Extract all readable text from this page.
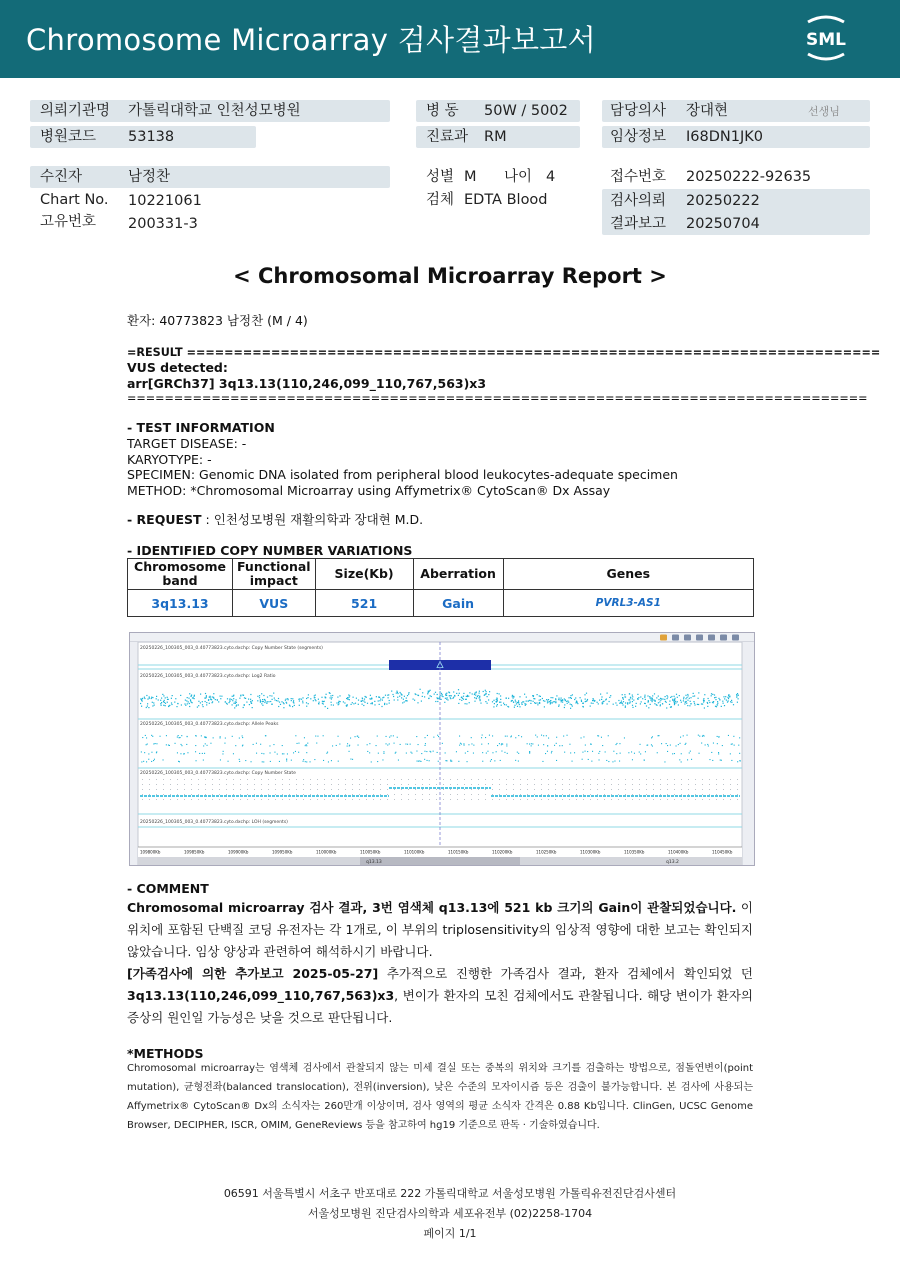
Chromosome Microarray 검사결과보고서	SML
의뢰기관명 가톨릭대학교 인천성모병원
병원코드 53138
병 동 50W / 5002
진료과 RM
담당의사 장대현	선생님
임상정보 I68DN1JK0
수진자	남정찬
Chart No. 10221061
고유번호 200331-3
성별 M 나이 4
검체 EDTA Blood
접수번호 20250222-92635
검사의뢰 20250222
결과보고 20250704
< Chromosomal Microarray Report >
환자: 40773823 남정찬 (M / 4)
=RESULT ==========================================================================
VUS detected:
arr[GRCh37] 3q13.13(110,246,099_110,767,563)x3
===============================================================================
- TEST INFORMATION
TARGET DISEASE: -
KARYOTYPE: -
SPECIMEN: Genomic DNA isolated from peripheral blood leukocytes-adequate specimen
METHOD: *Chromosomal Microarray using Affymetrix® CytoScan® Dx Assay
- REQUEST : 인천성모병원 재활의학과 장대현 M.D.
- IDENTIFIED COPY NUMBER VARIATIONS
Chromosome band	Functional impact	Size(Kb)	Aberration	Genes
3q13.13	VUS	521	Gain	PVRL3-AS1
20250226_100305_003_0.40773823.cyto.dxchp: Copy Number State (segments)
20250226_100305_003_0.40773823.cyto.dxchp: Log2 Ratio
20250226_100305_003_0.40773823.cyto.dxchp: Allele Peaks
20250226_100305_003_0.40773823.cyto.dxchp: Copy Number State
20250226_100305_003_0.40773823.cyto.dxchp: LOH (segments)
109800Kb	109850Kb	109900Kb	109950Kb	110000Kb	110050Kb	110100Kb	110150Kb	110200Kb	110250Kb	110300Kb	110350Kb	110400Kb	110450Kb
q13.13	q13.2
- COMMENT
Chromosomal microarray 검사 결과, 3번 염색체 q13.13에 521 kb 크기의 Gain이 관찰되었습니다. 이 위치에 포함된 단백질 코딩 유전자는 각 1개로, 이 부위의 triplosensitivity의 임상적 영향에 대한 보고는 확인되지 않았습니다. 임상 양상과 관련하여 해석하시기 바랍니다.
[가족검사에 의한 추가보고 2025-05-27] 추가적으로 진행한 가족검사 결과, 환자 검체에서 확인되었 던 3q13.13(110,246,099_110,767,563)x3, 변이가 환자의 모친 검체에서도 관찰됩니다. 해당 변이가 환자의 증상의 원인일 가능성은 낮을 것으로 판단됩니다.
*METHODS
Chromosomal microarray는 염색체 검사에서 관찰되지 않는 미세 결실 또는 중복의 위치와 크기를 검출하는 방법으로, 점돌연변이(point mutation), 균형전좌(balanced translocation), 전위(inversion), 낮은 수준의 모자이시즘 등은 검출이 불가능합니다. 본 검사에 사용되는 Affymetrix® CytoScan® Dx의 소식자는 260만개 이상이며, 검사 영역의 평균 소식자 간격은 0.88 Kb입니다. ClinGen, UCSC Genome Browser, DECIPHER, ISCR, OMIM, GeneReviews 등을 참고하여 hg19 기준으로 판독 · 기술하였습니다.
06591 서울특별시 서초구 반포대로 222 가톨릭대학교 서울성모병원 가톨릭유전진단검사센터
서울성모병원 진단검사의학과 세포유전부 (02)2258-1704
페이지 1/1
